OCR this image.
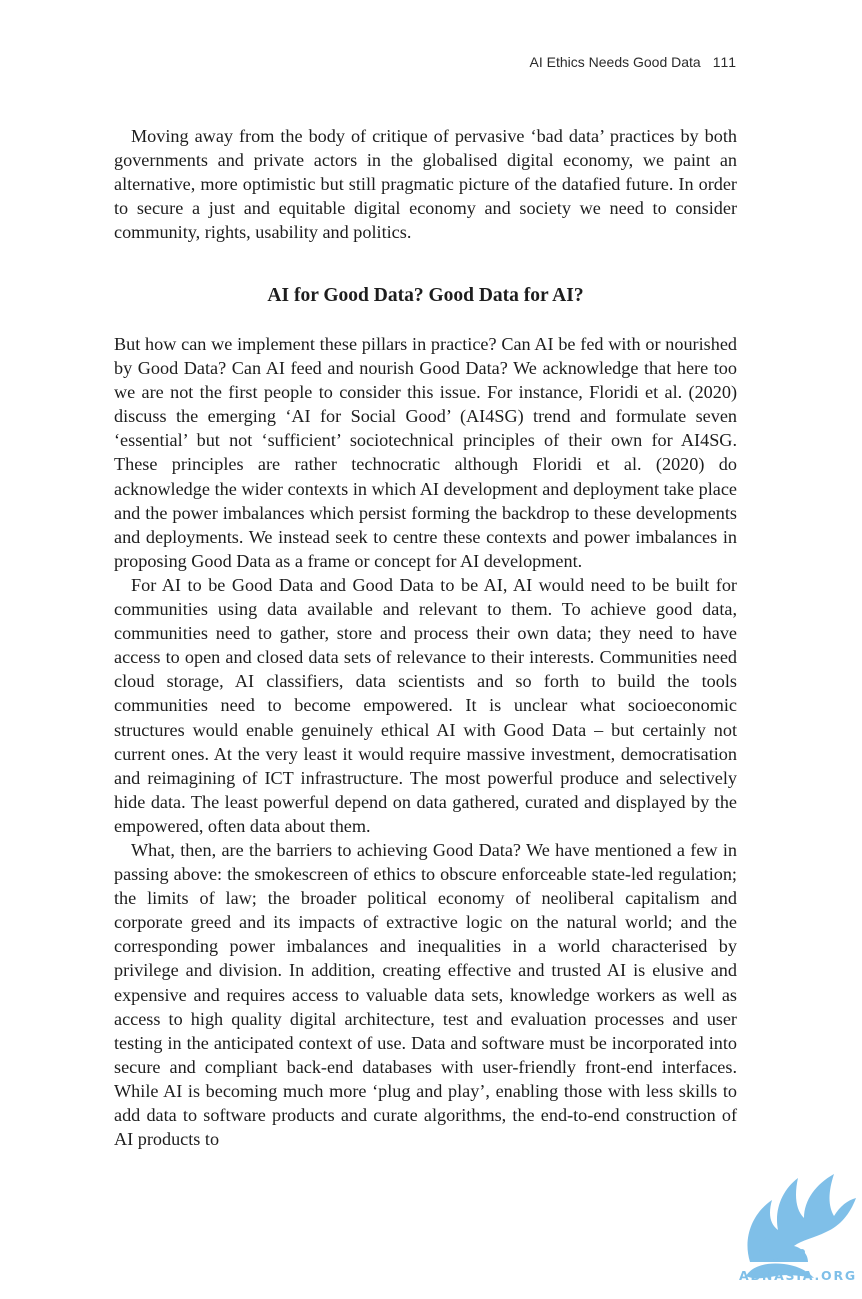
AI Ethics Needs Good Data 111

Moving away from the body of critique of pervasive ‘bad data’ practices by both governments and private actors in the globalised digital economy, we paint an alternative, more optimistic but still pragmatic picture of the datafied future. In order to secure a just and equitable digital economy and society we need to consider community, rights, usability and politics.

AI for Good Data? Good Data for AI?

But how can we implement these pillars in practice? Can AI be fed with or nourished by Good Data? Can AI feed and nourish Good Data? We acknowledge that here too we are not the first people to consider this issue. For instance, Floridi et al. (2020) discuss the emerging ‘AI for Social Good’ (AI4SG) trend and formulate seven ‘essential’ but not ‘sufficient’ sociotechnical principles of their own for AI4SG. These principles are rather technocratic although Floridi et al. (2020) do acknowledge the wider contexts in which AI development and deployment take place and the power imbalances which persist forming the backdrop to these developments and deployments. We instead seek to centre these contexts and power imbalances in proposing Good Data as a frame or concept for AI development.

For AI to be Good Data and Good Data to be AI, AI would need to be built for communities using data available and relevant to them. To achieve good data, communities need to gather, store and process their own data; they need to have access to open and closed data sets of relevance to their interests. Communities need cloud storage, AI classifiers, data scientists and so forth to build the tools communities need to become empowered. It is unclear what socioeconomic structures would enable genuinely ethical AI with Good Data – but certainly not current ones. At the very least it would require massive investment, democratisation and reimagining of ICT infrastructure. The most powerful produce and selectively hide data. The least powerful depend on data gathered, curated and displayed by the empowered, often data about them.

What, then, are the barriers to achieving Good Data? We have mentioned a few in passing above: the smokescreen of ethics to obscure enforceable state-led regulation; the limits of law; the broader political economy of neoliberal capitalism and corporate greed and its impacts of extractive logic on the natural world; and the corresponding power imbalances and inequalities in a world characterised by privilege and division. In addition, creating effective and trusted AI is elusive and expensive and requires access to valuable data sets, knowledge workers as well as access to high quality digital architecture, test and evaluation processes and user testing in the anticipated context of use. Data and software must be incorporated into secure and compliant back-end databases with user-friendly front-end interfaces. While AI is becoming much more ‘plug and play’, enabling those with less skills to add data to software products and curate algorithms, the end-to-end construction of AI products to

ABNASIA.ORG
